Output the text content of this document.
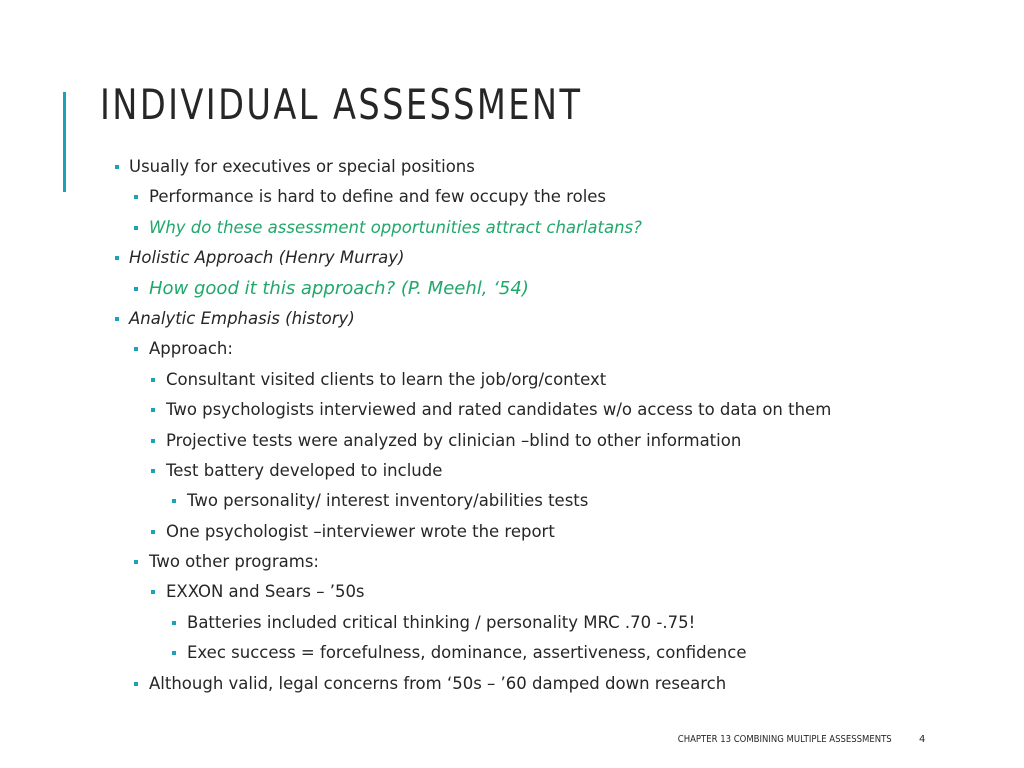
INDIVIDUAL ASSESSMENT
Usually for executives or special positions
Performance is hard to define and few occupy the roles
Why do these assessment opportunities attract charlatans?
Holistic Approach (Henry Murray)
How good it this approach? (P. Meehl, ‘54)
Analytic Emphasis (history)
Approach:
Consultant visited clients to learn the job/org/context
Two psychologists interviewed and rated candidates w/o access to data on them
Projective tests were analyzed by clinician –blind to other information
Test battery developed to include
Two personality/ interest inventory/abilities tests
One psychologist –interviewer wrote the report
Two other programs:
EXXON and Sears – ’50s
Batteries included critical thinking / personality MRC .70 -.75!
Exec success = forcefulness, dominance, assertiveness, confidence
Although valid, legal concerns from ‘50s – ’60 damped down research
CHAPTER 13 COMBINING MULTIPLE ASSESSMENTS	4
